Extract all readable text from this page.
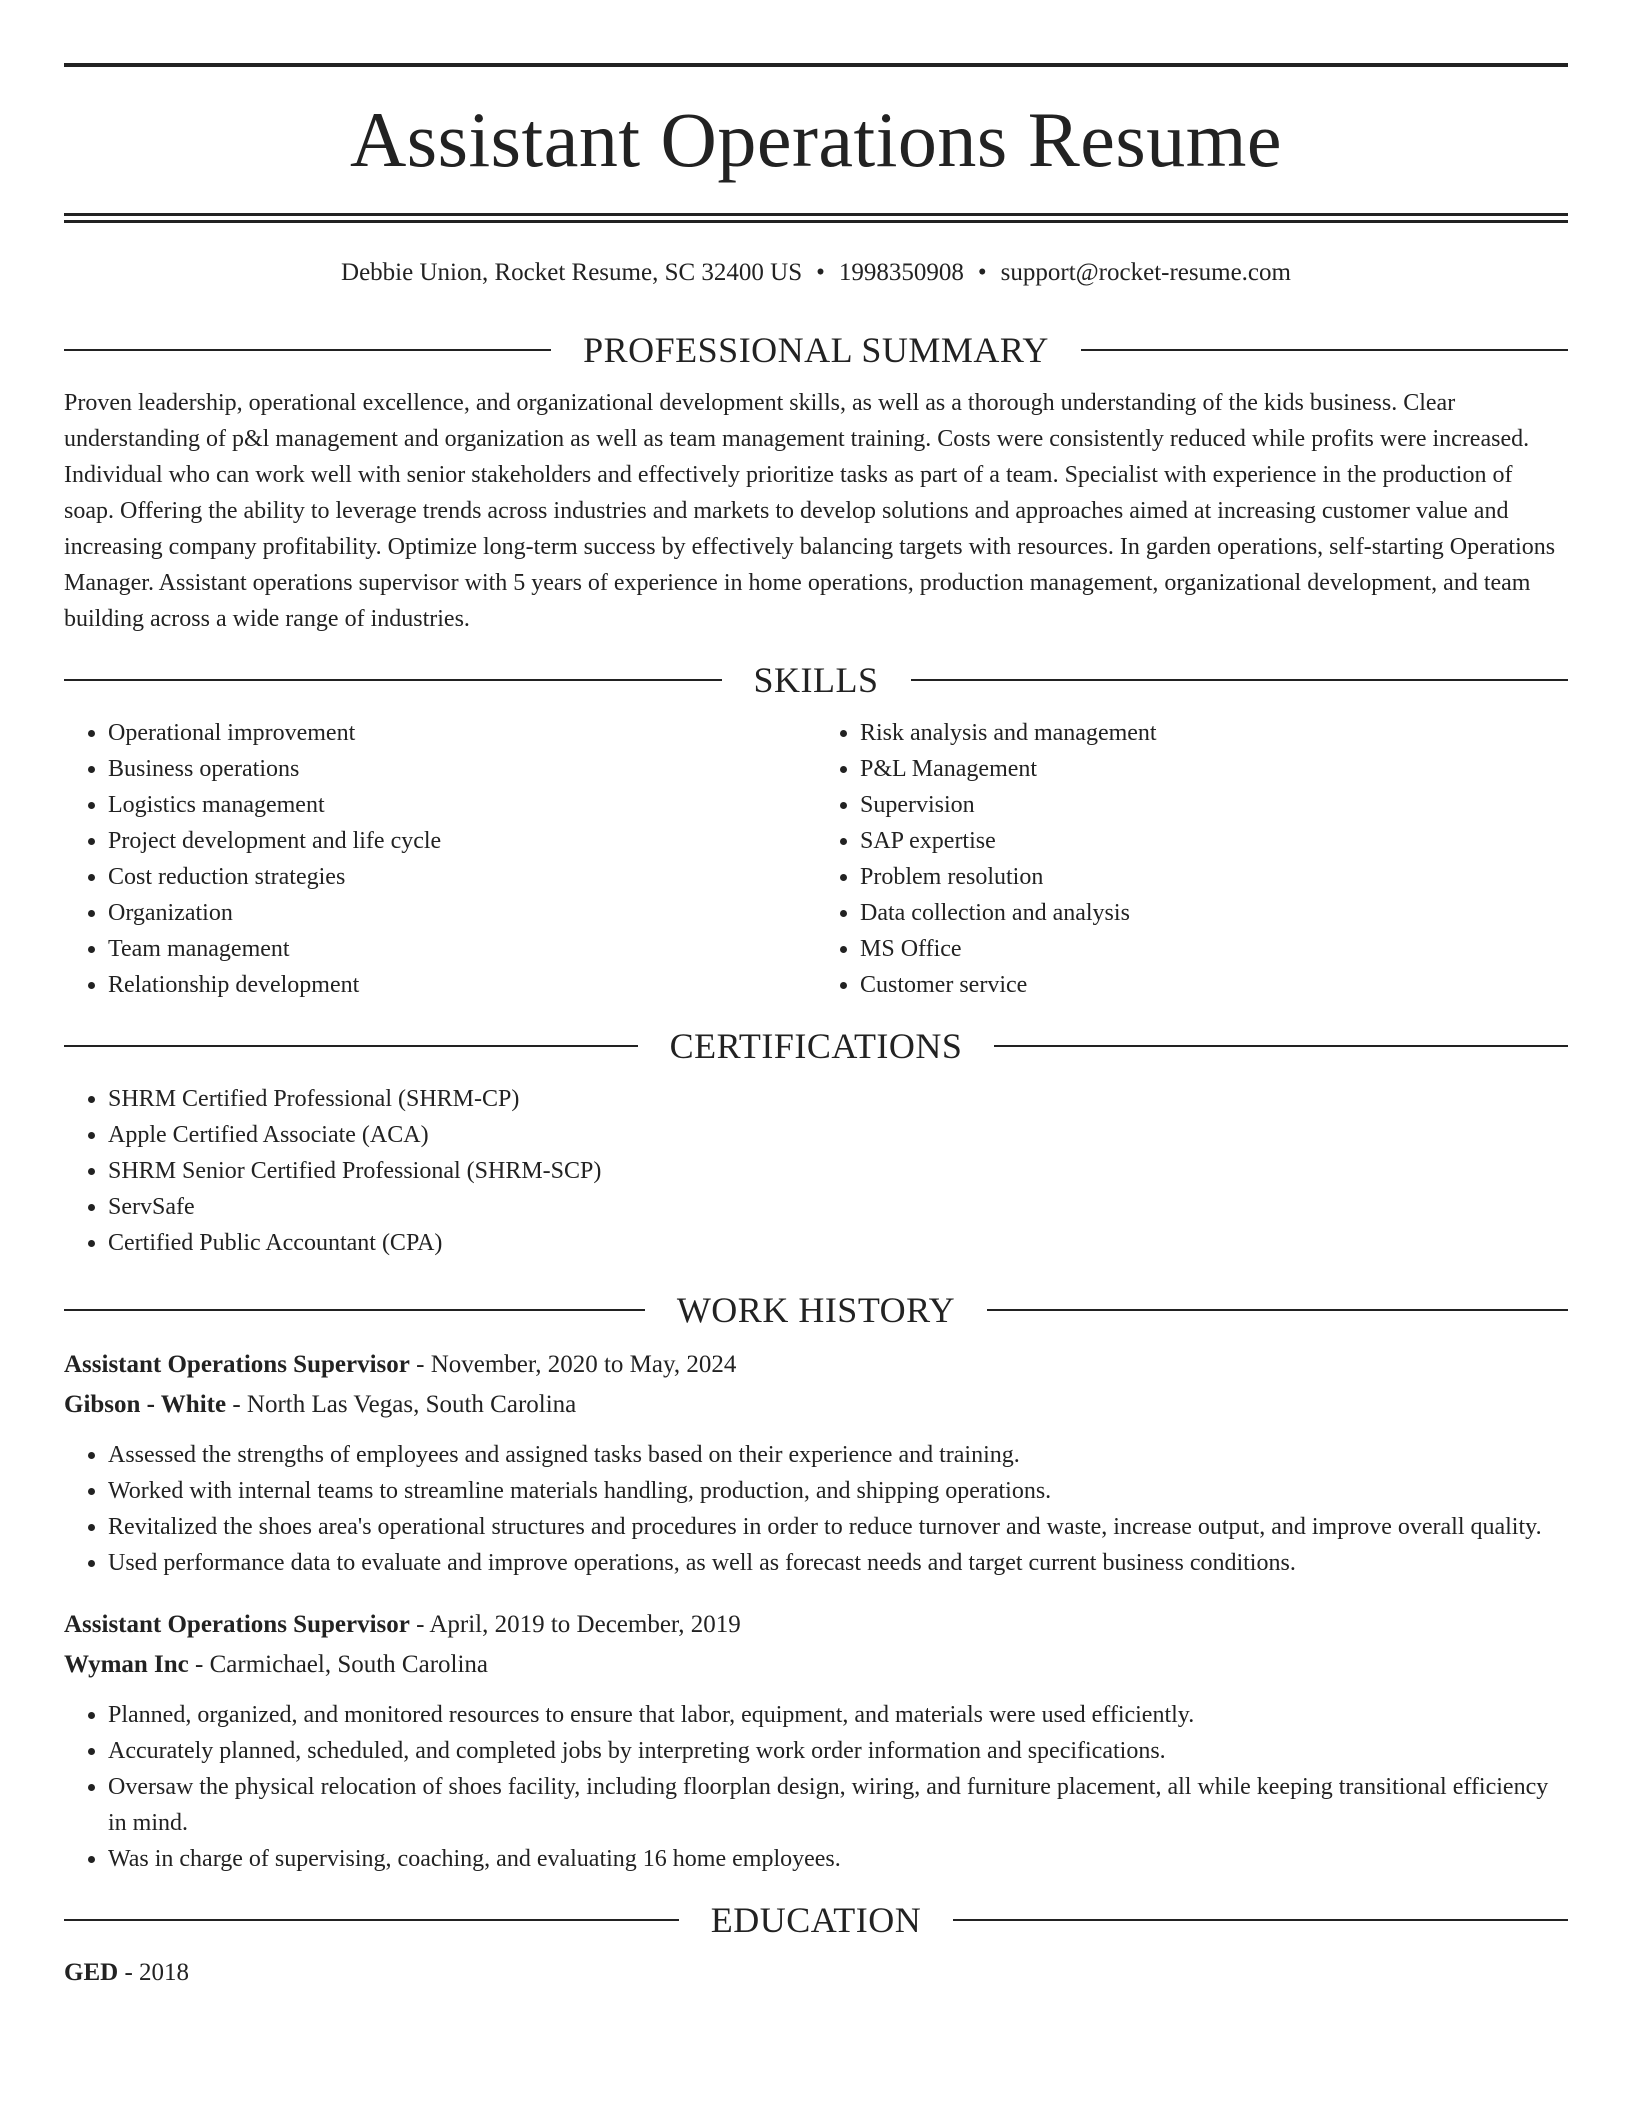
Assistant Operations Resume
Debbie Union, Rocket Resume, SC 32400 US • 1998350908 • support@rocket-resume.com
PROFESSIONAL SUMMARY

Proven leadership, operational excellence, and organizational development skills, as well as a thorough understanding of the kids business. Clear understanding of p&l management and organization as well as team management training. Costs were consistently reduced while profits were increased. Individual who can work well with senior stakeholders and effectively prioritize tasks as part of a team. Specialist with experience in the production of soap. Offering the ability to leverage trends across industries and markets to develop solutions and approaches aimed at increasing customer value and increasing company profitability. Optimize long-term success by effectively balancing targets with resources. In garden operations, self-starting Operations Manager. Assistant operations supervisor with 5 years of experience in home operations, production management, organizational development, and team building across a wide range of industries.

SKILLS
• Operational improvement
• Business operations
• Logistics management
• Project development and life cycle
• Cost reduction strategies
• Organization
• Team management
• Relationship development
• Risk analysis and management
• P&L Management
• Supervision
• SAP expertise
• Problem resolution
• Data collection and analysis
• MS Office
• Customer service
CERTIFICATIONS
• SHRM Certified Professional (SHRM-CP)
• Apple Certified Associate (ACA)
• SHRM Senior Certified Professional (SHRM-SCP)
• ServSafe
• Certified Public Accountant (CPA)
WORK HISTORY
Assistant Operations Supervisor - November, 2020 to May, 2024
Gibson - White - North Las Vegas, South Carolina
• Assessed the strengths of employees and assigned tasks based on their experience and training.
• Worked with internal teams to streamline materials handling, production, and shipping operations.
• Revitalized the shoes area's operational structures and procedures in order to reduce turnover and waste, increase output, and improve overall quality.
• Used performance data to evaluate and improve operations, as well as forecast needs and target current business conditions.
Assistant Operations Supervisor - April, 2019 to December, 2019
Wyman Inc - Carmichael, South Carolina
• Planned, organized, and monitored resources to ensure that labor, equipment, and materials were used efficiently.
• Accurately planned, scheduled, and completed jobs by interpreting work order information and specifications.
• Oversaw the physical relocation of shoes facility, including floorplan design, wiring, and furniture placement, all while keeping transitional efficiency in mind.
• Was in charge of supervising, coaching, and evaluating 16 home employees.
EDUCATION
GED - 2018
